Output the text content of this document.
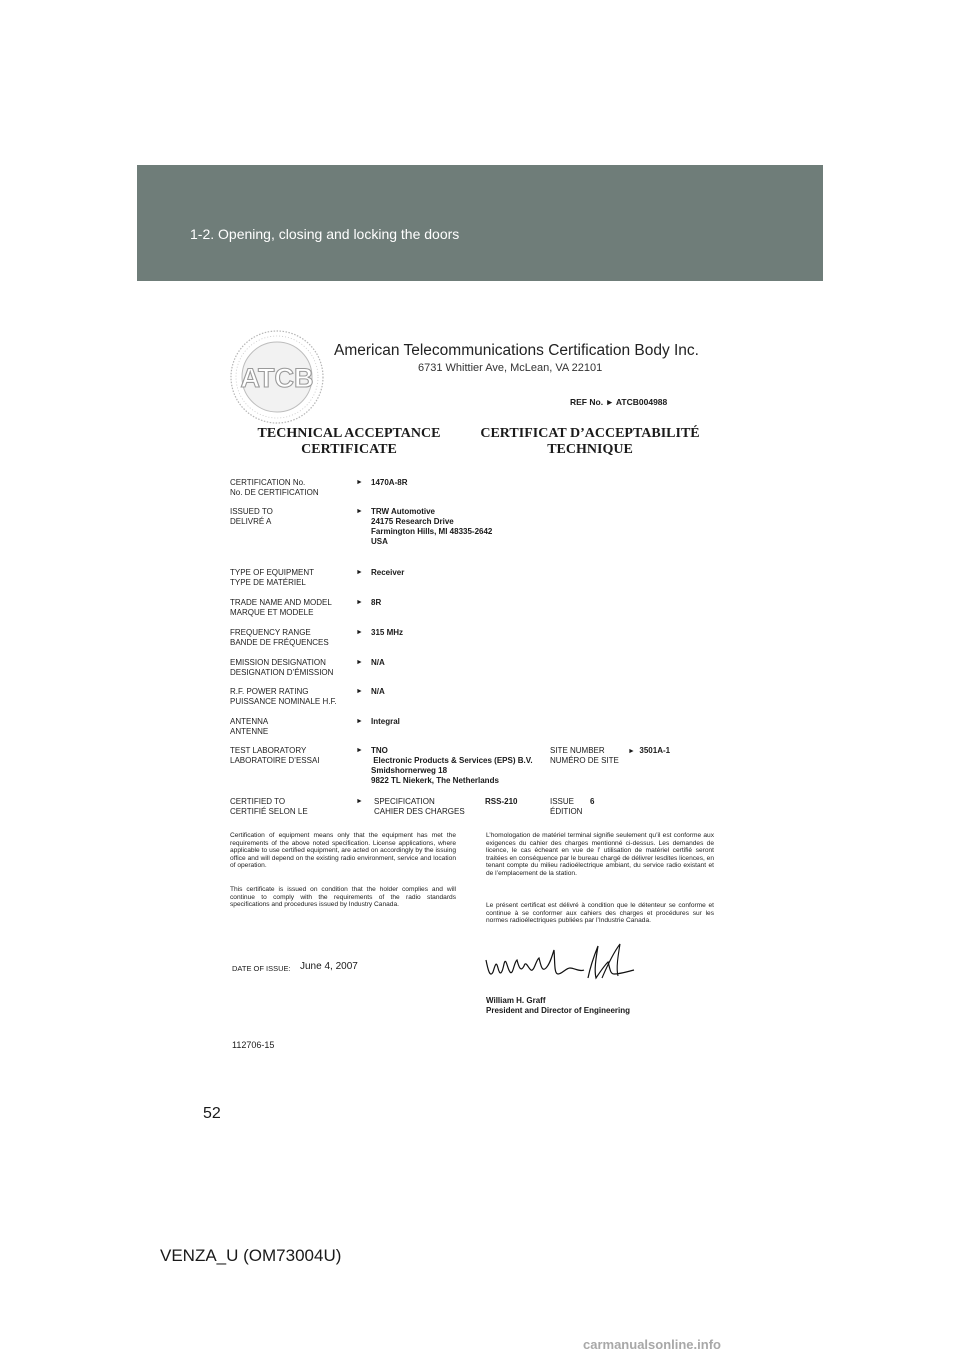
1-2. Opening, closing and locking the doors
ATCB
American Telecommunications Certification Body Inc.
6731 Whittier Ave, McLean, VA 22101
REF No. ► ATCB004988
TECHNICAL ACCEPTANCE
CERTIFICATE
CERTIFICAT D’ACCEPTABILITÉ
TECHNIQUE
CERTIFICATION No.
No. DE CERTIFICATION
► 1470A-8R
ISSUED TO
DELIVRÉ A
► TRW Automotive
24175 Research Drive
Farmington Hills, MI 48335-2642
USA
TYPE OF EQUIPMENT
TYPE DE MATÉRIEL
► Receiver
TRADE NAME AND MODEL
MARQUE ET MODELE
► 8R
FREQUENCY RANGE
BANDE DE FRÉQUENCES
► 315 MHz
EMISSION DESIGNATION
DESIGNATION D’ÉMISSION
► N/A
R.F. POWER RATING
PUISSANCE NOMINALE H.F.
► N/A
ANTENNA
ANTENNE
► Integral
TEST LABORATORY
LABORATOIRE D’ESSAI
► TNO
Electronic Products & Services (EPS) B.V.
Smidshornerweg 18
9822 TL Niekerk, The Netherlands
SITE NUMBER
NUMÉRO DE SITE
► 3501A-1
CERTIFIED TO
CERTIFIÉ SELON LE
► SPECIFICATION
CAHIER DES CHARGES
RSS-210	ISSUE
ÉDITION
6
Certification of equipment means only that the equipment has met the requirements of the above noted specification. License applications, where applicable to use certified equipment, are acted on accordingly by the issuing office and will depend on the existing radio environment, service and location of operation.
This certificate is issued on condition that the holder complies and will continue to comply with the requirements of the radio standards specifications and procedures issued by Industry Canada.
L’homologation de matériel terminal signifie seulement qu’il est conforme aux exigences du cahier des charges mentionné ci-dessus. Les demandes de licence, le cas écheant en vue de l’ utilisation de matériel certifié seront traitées en conséquence par le bureau chargé de délivrer lesdites licences, en tenant compte du milieu radioélectrique ambiant, du service radio existant et de l’emplacement de la station.
Le présent certificat est délivré à condition que le détenteur se conforme et continue à se conformer aux cahiers des charges et procédures sur les normes radioélectriques publiées par l’Industrie Canada.
DATE OF ISSUE: June 4, 2007
William H. Graff
President and Director of Engineering
112706-15
52
VENZA_U (OM73004U)
carmanualsonline.info
